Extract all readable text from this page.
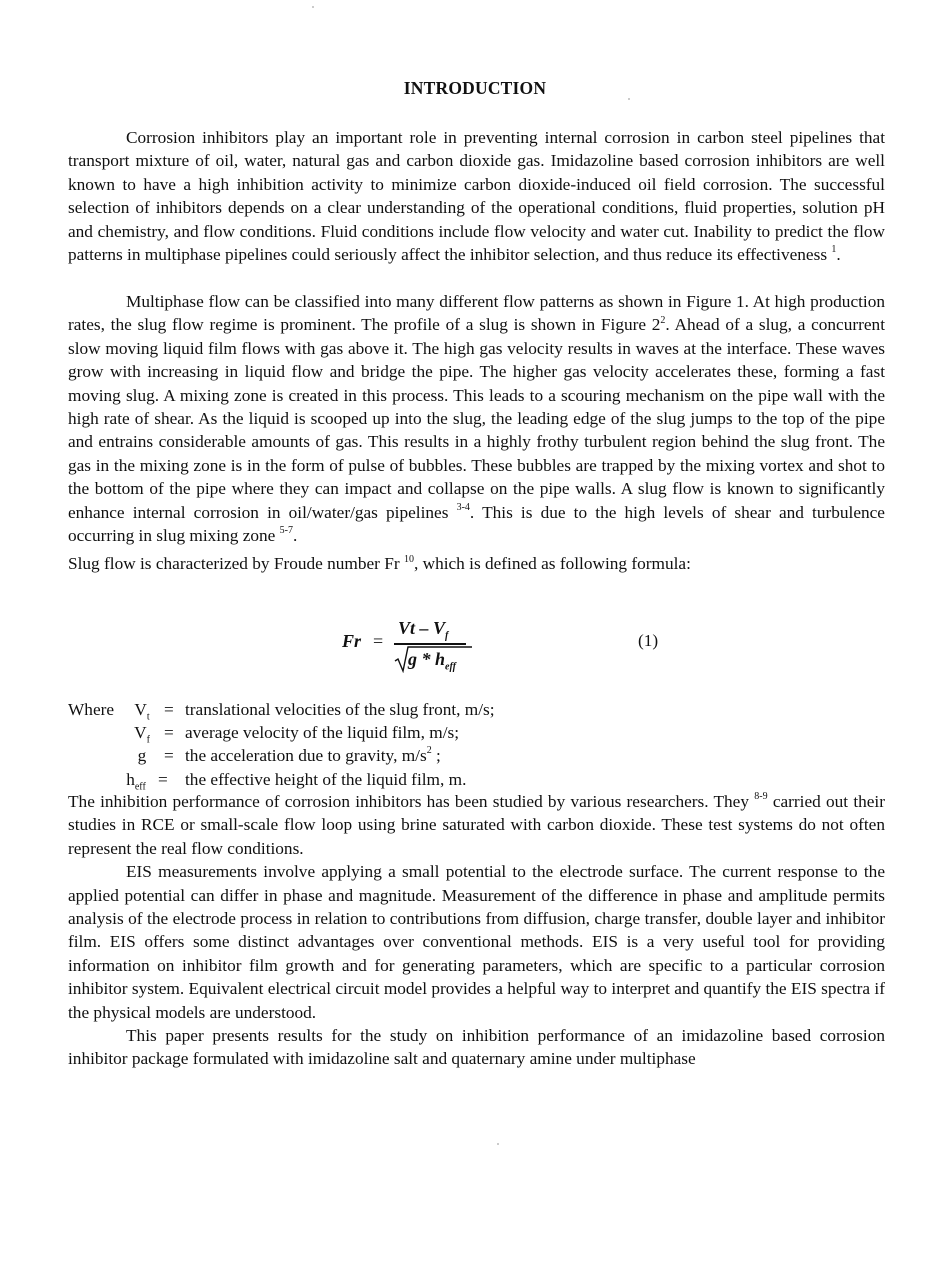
INTRODUCTION
Corrosion inhibitors play an important role in preventing internal corrosion in carbon steel pipelines that transport mixture of oil, water, natural gas and carbon dioxide gas. Imidazoline based corrosion inhibitors are well known to have a high inhibition activity to minimize carbon dioxide-induced oil field corrosion. The successful selection of inhibitors depends on a clear understanding of the operational conditions, fluid properties, solution pH and chemistry, and flow conditions. Fluid conditions include flow velocity and water cut. Inability to predict the flow patterns in multiphase pipelines could seriously affect the inhibitor selection, and thus reduce its effectiveness $^1$.
Multiphase flow can be classified into many different flow patterns as shown in Figure 1. At high production rates, the slug flow regime is prominent. The profile of a slug is shown in Figure $2^2$. Ahead of a slug, a concurrent slow moving liquid film flows with gas above it. The high gas velocity results in waves at the interface. These waves grow with increasing in liquid flow and bridge the pipe. The higher gas velocity accelerates these, forming a fast moving slug. A mixing zone is created in this process. This leads to a scouring mechanism on the pipe wall with the high rate of shear. As the liquid is scooped up into the slug, the leading edge of the slug jumps to the top of the pipe and entrains considerable amounts of gas. This results in a highly frothy turbulent region behind the slug front. The gas in the mixing zone is in the form of pulse of bubbles. These bubbles are trapped by the mixing vortex and shot to the bottom of the pipe where they can impact and collapse on the pipe walls. A slug flow is known to significantly enhance internal corrosion in oil/water/gas pipelines $^{3-4}$. This is due to the high levels of shear and turbulence occurring in slug mixing zone $^{5-7}$.
Slug flow is characterized by Froude number Fr $^{10}$, which is defined as following formula:
Fr =
Vt – $V_f$
g * $h_{eff}$
(1)
Where	$V_t$ = translational velocities of the slug front, m/s;
$V_f$ = average velocity of the liquid film, m/s;
g	= the acceleration due to gravity, $m/s^2$ ;
$h_{eff}$ = the effective height of the liquid film, m.
The inhibition performance of corrosion inhibitors has been studied by various researchers. They $^{8-9}$ carried out their studies in RCE or small-scale flow loop using brine saturated with carbon dioxide. These test systems do not often represent the real flow conditions.

EIS measurements involve applying a small potential to the electrode surface. The current response to the applied potential can differ in phase and magnitude. Measurement of the difference in phase and amplitude permits analysis of the electrode process in relation to contributions from diffusion, charge transfer, double layer and inhibitor film. EIS offers some distinct advantages over conventional methods. EIS is a very useful tool for providing information on inhibitor film growth and for generating parameters, which are specific to a particular corrosion inhibitor system. Equivalent electrical circuit model provides a helpful way to interpret and quantify the EIS spectra if the physical models are understood.
This paper presents results for the study on inhibition performance of an imidazoline based corrosion inhibitor package formulated with imidazoline salt and quaternary amine under multiphase
